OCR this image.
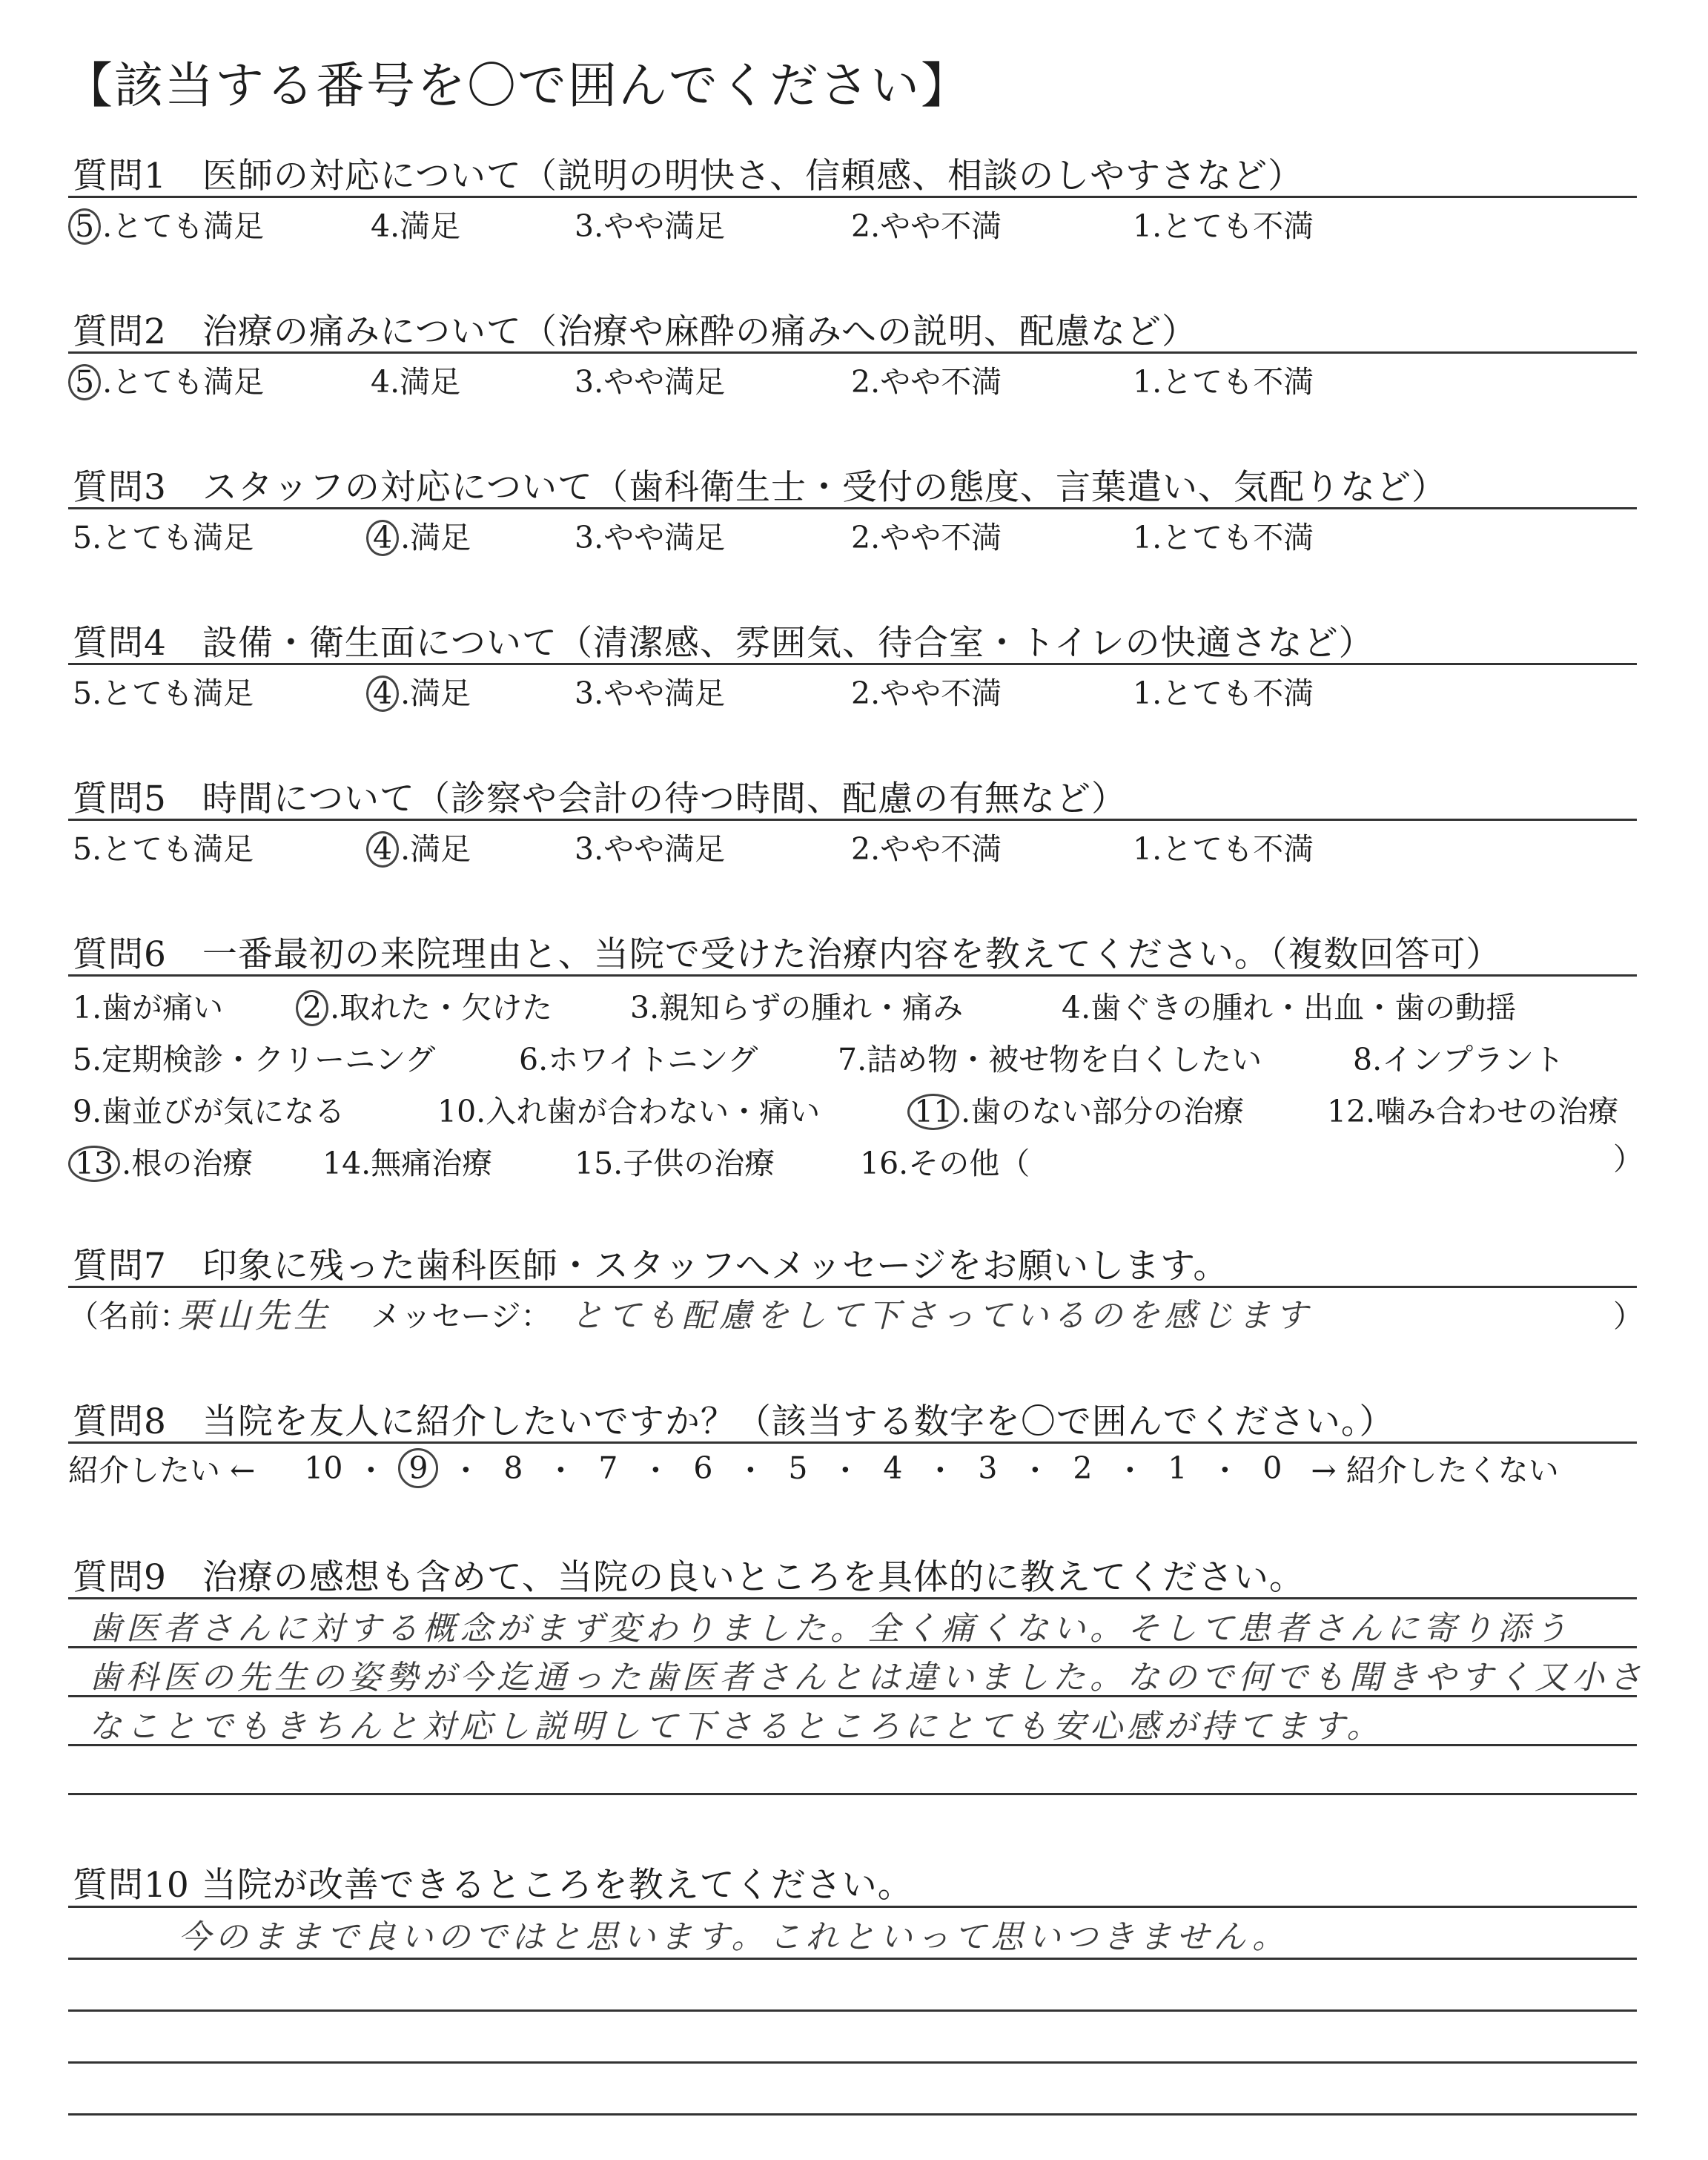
【該当する番号を〇で囲んでください】
質問1　医師の対応について（説明の明快さ、信頼感、相談のしやすさなど）
5 .とても満足	4.満足	3.やや満足	2.やや不満	1.とても不満
質問2　治療の痛みについて（治療や麻酔の痛みへの説明、配慮など）
5 .とても満足	4.満足	3.やや満足	2.やや不満	1.とても不満
質問3　スタッフの対応について（歯科衛生士・受付の態度、言葉遣い、気配りなど）
5.とても満足	4 .満足	3.やや満足	2.やや不満	1.とても不満
質問4　設備・衛生面について（清潔感、雰囲気、待合室・トイレの快適さなど）
5.とても満足	4 .満足	3.やや満足	2.やや不満	1.とても不満
質問5　時間について（診察や会計の待つ時間、配慮の有無など）
5.とても満足	4 .満足	3.やや満足	2.やや不満	1.とても不満
質問6　一番最初の来院理由と、当院で受けた治療内容を教えてください。（複数回答可）
1.歯が痛い	2 .取れた・欠けた	3.親知らずの腫れ・痛み	4.歯ぐきの腫れ・出血・歯の動揺
5.定期検診・クリーニング	6.ホワイトニング	7.詰め物・被せ物を白くしたい	8.インプラント
9.歯並びが気になる	10.入れ歯が合わない・痛い	11 .歯のない部分の治療	12.噛み合わせの治療
13 .根の治療 14.無痛治療	15.子供の治療	16.その他（	）
質問7　印象に残った歯科医師・スタッフへメッセージをお願いします。
（名前：
栗山先生 メッセージ： とても配慮をして下さっているのを感じます	）
質問8　当院を友人に紹介したいですか？（該当する数字を〇で囲んでください。）
紹介したい ← 10 ・ 9 ・ 8 ・ 7 ・ 6 ・ 5 ・ 4 ・ 3 ・ 2 ・ 1 ・ 0 → 紹介したくない
質問9　治療の感想も含めて、当院の良いところを具体的に教えてください。
歯医者さんに対する概念がまず変わりました。全く痛くない。そして患者さんに寄り添う
歯科医の先生の姿勢が今迄通った歯医者さんとは違いました。なので何でも聞きやすく又小さ
なことでもきちんと対応し説明して下さるところにとても安心感が持てます。
質問10 当院が改善できるところを教えてください。
今のままで良いのではと思います。これといって思いつきません。
